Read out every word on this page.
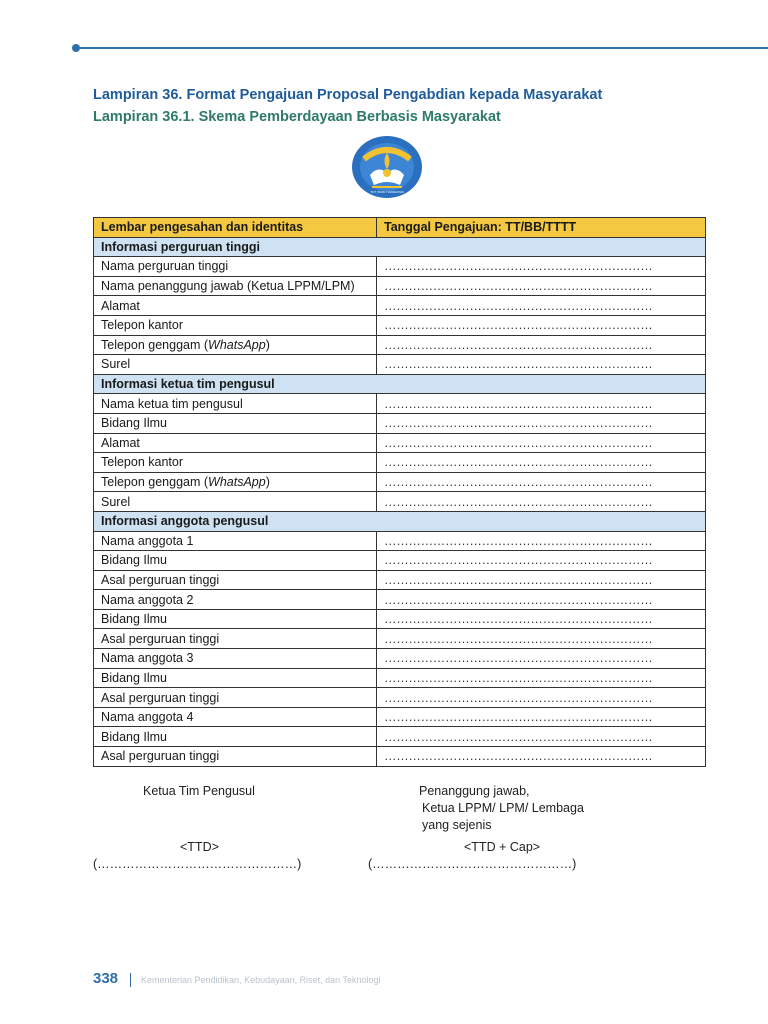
Lampiran 36. Format Pengajuan Proposal Pengabdian kepada Masyarakat
Lampiran 36.1. Skema Pemberdayaan Berbasis Masyarakat
TUT WURI HANDAYANI
Lembar pengesahan dan identitas	Tanggal Pengajuan: TT/BB/TTTT
Informasi perguruan tinggi	
Nama perguruan tinggi	…………………………………………………………
Nama penanggung jawab (Ketua LPPM/LPM)	…………………………………………………………
Alamat	…………………………………………………………
Telepon kantor	…………………………………………………………
Telepon genggam (WhatsApp)	…………………………………………………………
Surel	…………………………………………………………
Informasi ketua tim pengusul	
Nama ketua tim pengusul	…………………………………………………………
Bidang Ilmu	…………………………………………………………
Alamat	…………………………………………………………
Telepon kantor	…………………………………………………………
Telepon genggam (WhatsApp)	…………………………………………………………
Surel	…………………………………………………………
Informasi anggota pengusul	
Nama anggota 1	…………………………………………………………
Bidang Ilmu	…………………………………………………………
Asal perguruan tinggi	…………………………………………………………
Nama anggota 2	…………………………………………………………
Bidang Ilmu	…………………………………………………………
Asal perguruan tinggi	…………………………………………………………
Nama anggota 3	…………………………………………………………
Bidang Ilmu	…………………………………………………………
Asal perguruan tinggi	…………………………………………………………
Nama anggota 4	…………………………………………………………
Bidang Ilmu	…………………………………………………………
Asal perguruan tinggi	…………………………………………………………
Ketua Tim Pengusul	Penanggung jawab,
Ketua LPPM/ LPM/ Lembaga
yang sejenis
<TTD>	<TTD + Cap>
(…………………………………………)	(…………………………………………)
338	Kementerian Pendidikan, Kebudayaan, Riset, dan Teknologi
